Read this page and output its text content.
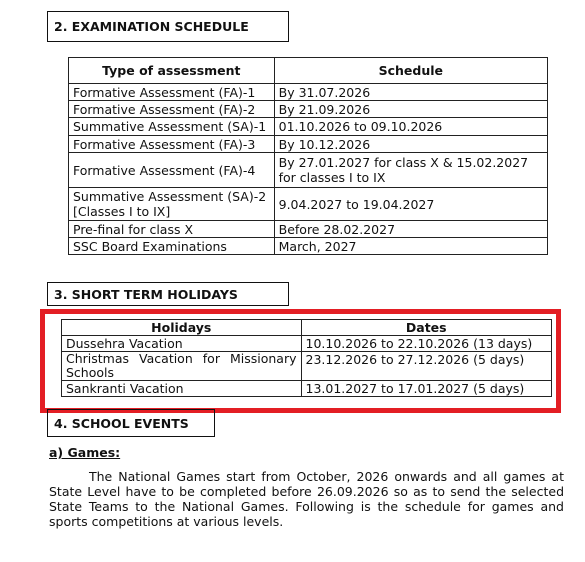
2. EXAMINATION SCHEDULE
Type of assessment	Schedule
Formative Assessment (FA)-1	By 31.07.2026
Formative Assessment (FA)-2	By 21.09.2026
Summative Assessment (SA)-1	01.10.2026 to 09.10.2026
Formative Assessment (FA)-3	By 10.12.2026
Formative Assessment (FA)-4	By 27.01.2027 for class X & 15.02.2027 for classes I to IX
Summative Assessment (SA)-2 [Classes I to IX]	9.04.2027 to 19.04.2027
Pre-final for class X	Before 28.02.2027
SSC Board Examinations	March, 2027
3. SHORT TERM HOLIDAYS
Holidays	Dates
Dussehra Vacation	10.10.2026 to 22.10.2026 (13 days)
Christmas Vacation for Missionary Schools	23.12.2026 to 27.12.2026 (5 days)
Sankranti Vacation	13.01.2027 to 17.01.2027 (5 days)
4. SCHOOL EVENTS
a) Games:
The National Games start from October, 2026 onwards and all games at State Level have to be completed before 26.09.2026 so as to send the selected State Teams to the National Games. Following is the schedule for games and sports competitions at various levels.
